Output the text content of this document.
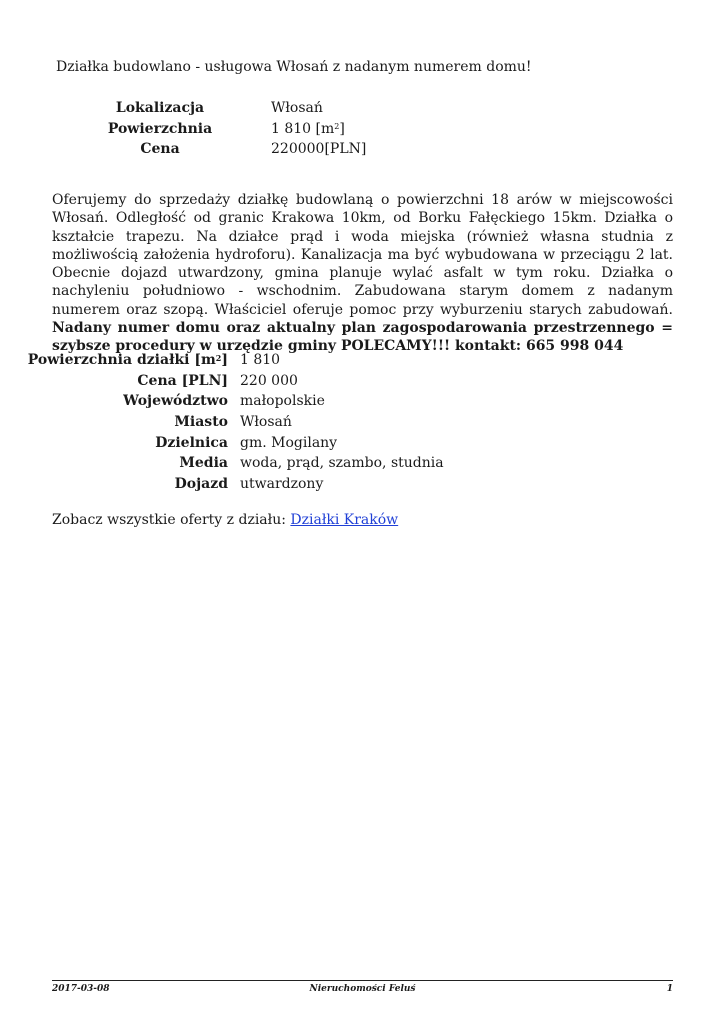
Działka budowlano - usługowa Włosań z nadanym numerem domu!
Lokalizacja	Włosań
Powierzchnia	1 810 $[m^2]$
Cena	220000[PLN]
Oferujemy do sprzedaży działkę budowlaną o powierzchni 18 arów w miejscowości Włosań. Odległość od granic Krakowa 10km, od Borku Fałęckiego 15km. Działka o kształcie trapezu. Na działce prąd i woda miejska (również własna studnia z możliwością założenia hydroforu). Kanalizacja ma być wybudowana w przeciągu 2 lat. Obecnie dojazd utwardzony, gmina planuje wylać asfalt w tym roku. Działka o nachyleniu południowo - wschodnim. Zabudowana starym domem z nadanym numerem oraz szopą. Właściciel oferuje pomoc przy wyburzeniu starych zabudowań. Nadany numer domu oraz aktualny plan zagospodarowania przestrzennego = szybsze procedury w urzędzie gminy POLECAMY!!! kontakt: 665 998 044
Powierzchnia działki $[m^2]$ 1 810
Cena [PLN] 220 000
Województwo małopolskie
Miasto Włosań
Dzielnica gm. Mogilany
Media woda, prąd, szambo, studnia
Dojazd utwardzony
Zobacz wszystkie oferty z działu: Działki Kraków
2017-03-08	Nieruchomości Feluś	1
